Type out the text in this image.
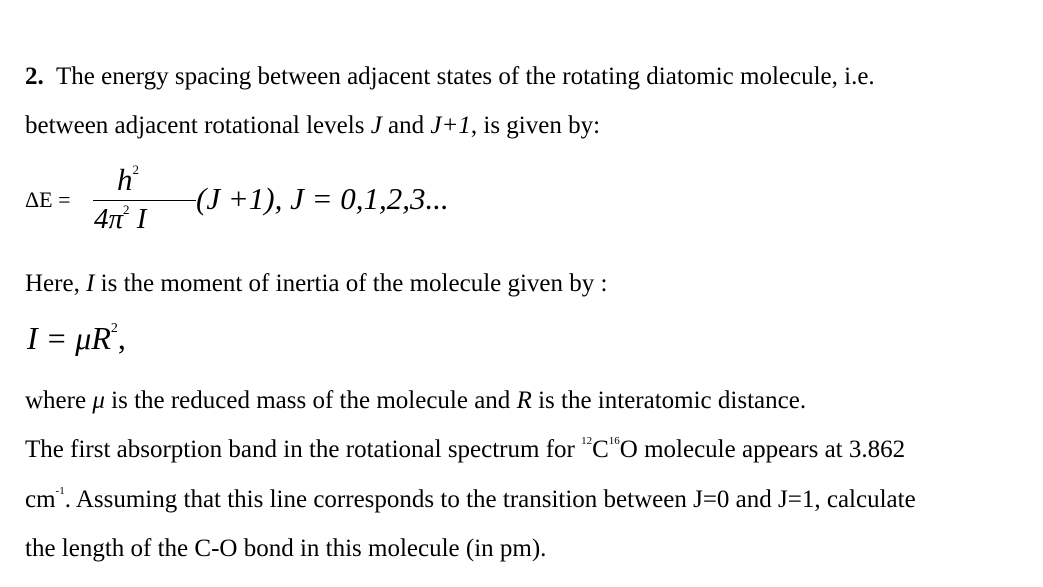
2. The energy spacing between adjacent states of the rotating diatomic molecule, i.e.
between adjacent rotational levels J and J+1, is given by:
ΔE =
$h^2$
$4\pi^2$ I
(J +1), J = 0,1,2,3...
Here, I is the moment of inertia of the molecule given by :
$I = \mu R^2$,
where μ is the reduced mass of the molecule and R is the interatomic distance.
The first absorption band in the rotational spectrum for $^{12}C^{16}O$ molecule appears at 3.862
$cm^{-1}$. Assuming that this line corresponds to the transition between J=0 and J=1, calculate
the length of the C-O bond in this molecule (in pm).
